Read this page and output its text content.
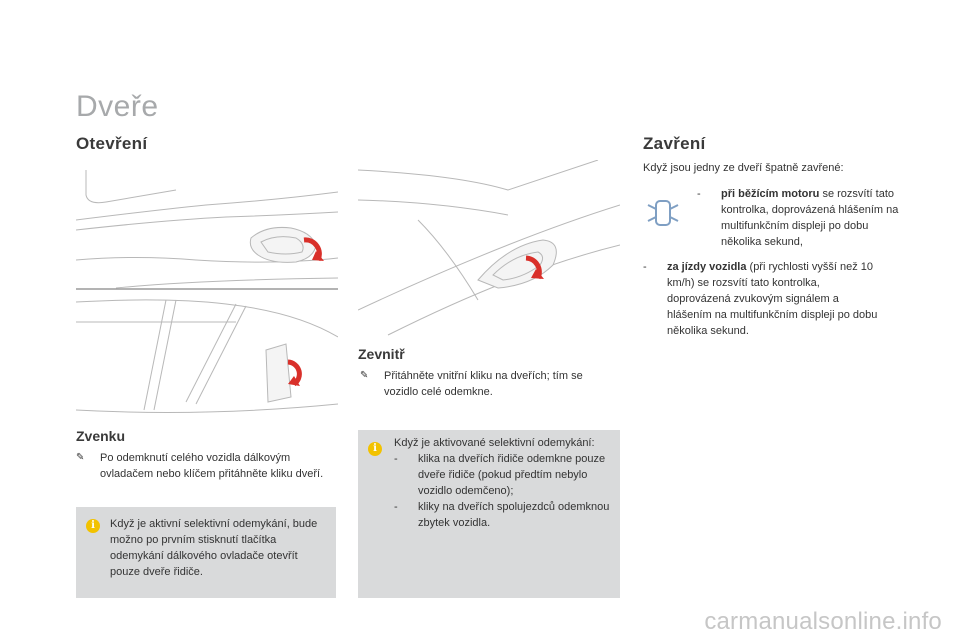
Dveře
Otevření
Zvenku
✎	Po odemknutí celého vozidla dálkovým ovladačem nebo klíčem přitáhněte kliku dveří.
i	Když je aktivní selektivní odemykání, bude možno po prvním stisknutí tlačítka odemykání dálkového ovladače otevřít pouze dveře řidiče.
Zevnitř
✎	Přitáhněte vnitřní kliku na dveřích; tím se vozidlo celé odemkne.
i	Když je aktivované selektivní odemykání:
-	klika na dveřích řidiče odemkne pouze dveře řidiče (pokud předtím nebylo vozidlo odemčeno);
-	kliky na dveřích spolujezdců odemknou zbytek vozidla.
Zavření
Když jsou jedny ze dveří špatně zavřené:
-	při běžícím motoru se rozsvítí tato kontrolka, doprovázená hlášením na multifunkčním displeji po dobu několika sekund,
-	za jízdy vozidla (při rychlosti vyšší než 10 km/h) se rozsvítí tato kontrolka, doprovázená zvukovým signálem a hlášením na multifunkčním displeji po dobu několika sekund.
carmanualsonline.info
